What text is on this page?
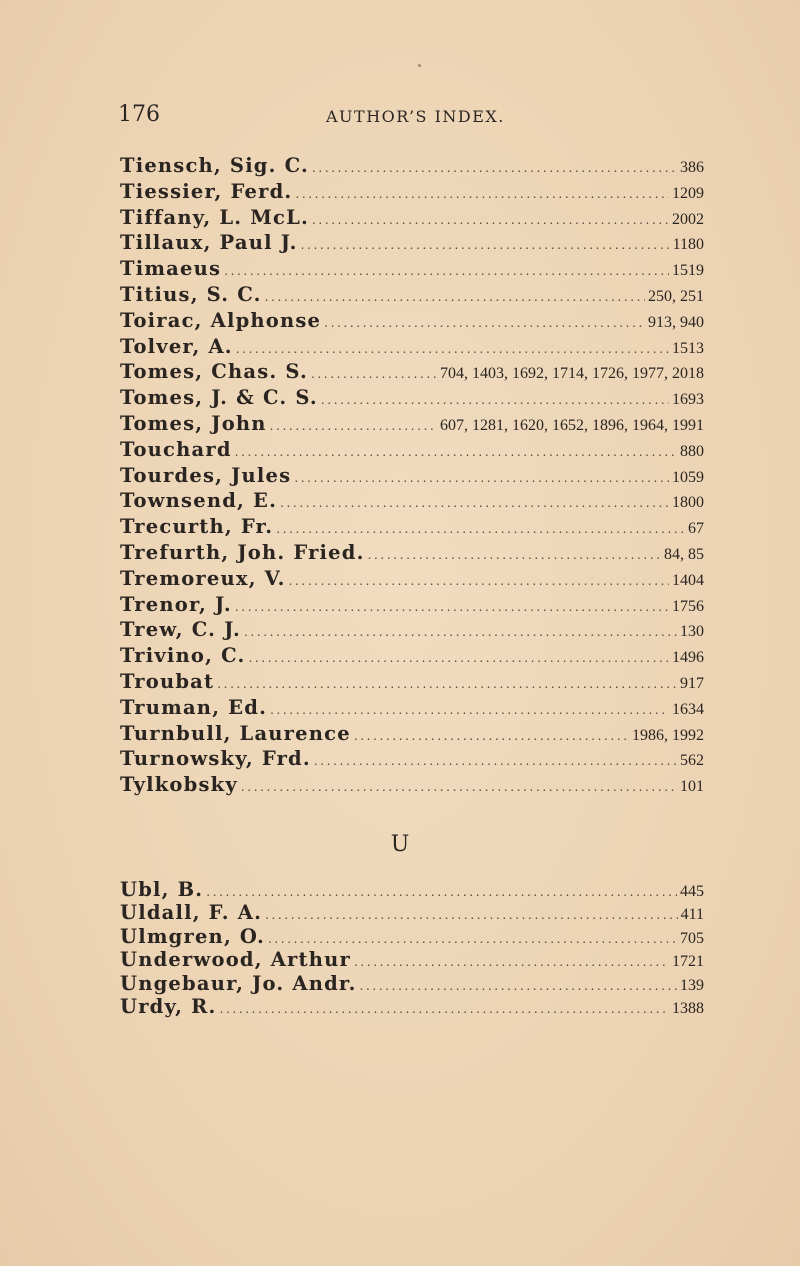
176	AUTHOR’S INDEX.
Tiensch, Sig. C. .....	386
Tiessier, Ferd. .....	1209
Tiffany, L. McL. .....	2002
Tillaux, Paul J. .....	1180
Timaeus .....	1519
Titius, S. C. .....	250, 251
Toirac, Alphonse .....	913, 940
Tolver, A. .....	1513
Tomes, Chas. S. .....	704, 1403, 1692, 1714, 1726, 1977, 2018
Tomes, J. & C. S. .....	1693
Tomes, John .....	607, 1281, 1620, 1652, 1896, 1964, 1991
Touchard .....	880
Tourdes, Jules .....	1059
Townsend, E. .....	1800
Trecurth, Fr. .....	67
Trefurth, Joh. Fried. .....	84, 85
Tremoreux, V. .....	1404
Trenor, J. .....	1756
Trew, C. J. .....	130
Trivino, C. .....	1496
Troubat .....	917
Truman, Ed. .....	1634
Turnbull, Laurence .....	1986, 1992
Turnowsky, Frd. .....	562
Tylkobsky .....	101
U
Ubl, B. .....	445
Uldall, F. A. .....	411
Ulmgren, O. .....	705
Underwood, Arthur .....	1721
Ungebaur, Jo. Andr. .....	139
Urdy, R. .....	1388
